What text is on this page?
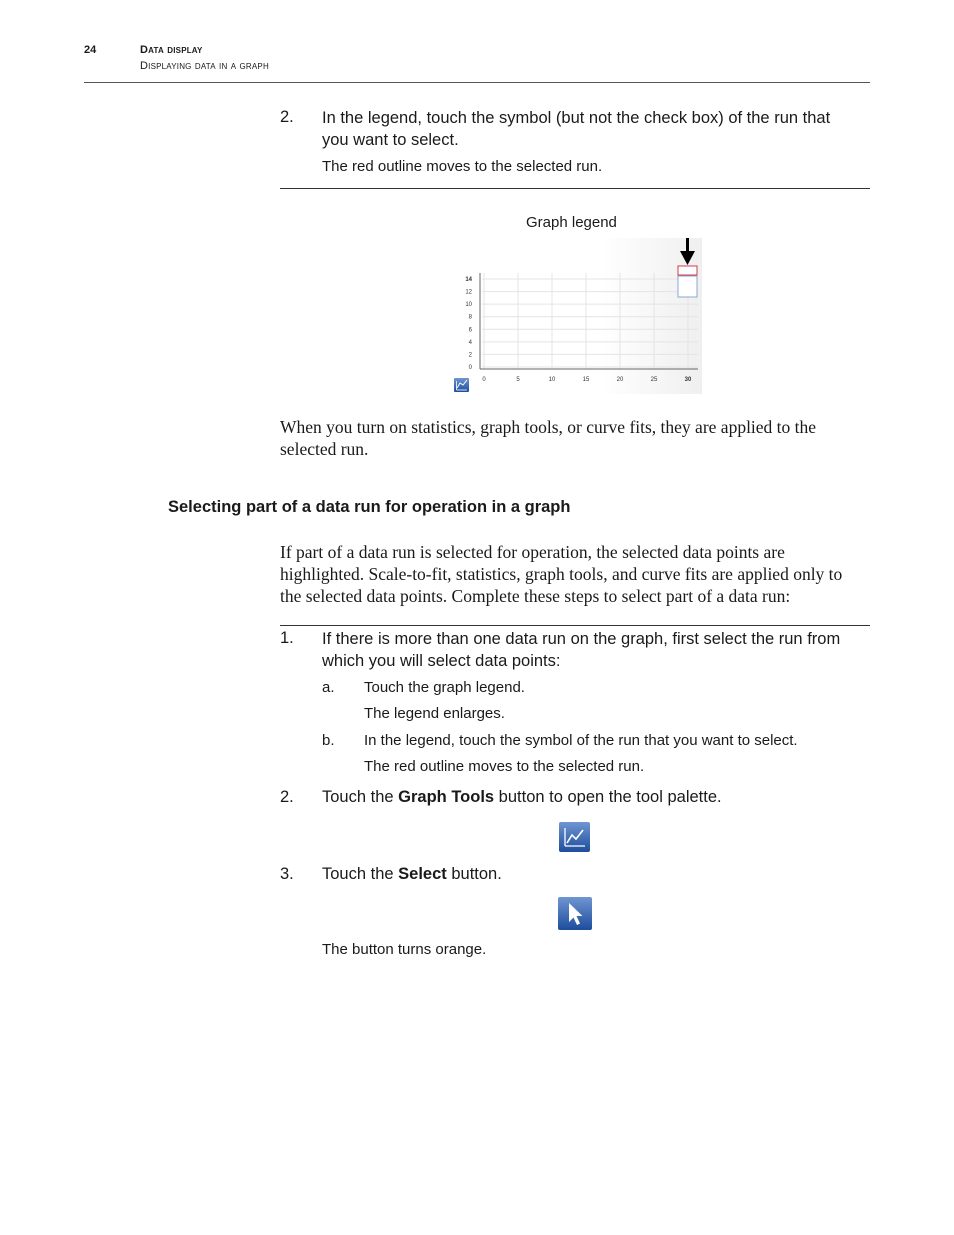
24	Data display
Displaying data in a graph
2. In the legend, touch the symbol (but not the check box) of the run that
you want to select.
The red outline moves to the selected run.
Graph legend
0
2
4
6
8
10
12
14
0	5	10	15	20	25	30
When you turn on statistics, graph tools, or curve fits, they are applied to the
selected run.
Selecting part of a data run for operation in a graph
If part of a data run is selected for operation, the selected data points are
highlighted. Scale-to-fit, statistics, graph tools, and curve fits are applied only to
the selected data points. Complete these steps to select part of a data run:
1. If there is more than one data run on the graph, first select the run from
which you will select data points:
a. Touch the graph legend.
The legend enlarges.
b. In the legend, touch the symbol of the run that you want to select.
The red outline moves to the selected run.
2. Touch the Graph Tools button to open the tool palette.
3. Touch the Select button.
The button turns orange.
